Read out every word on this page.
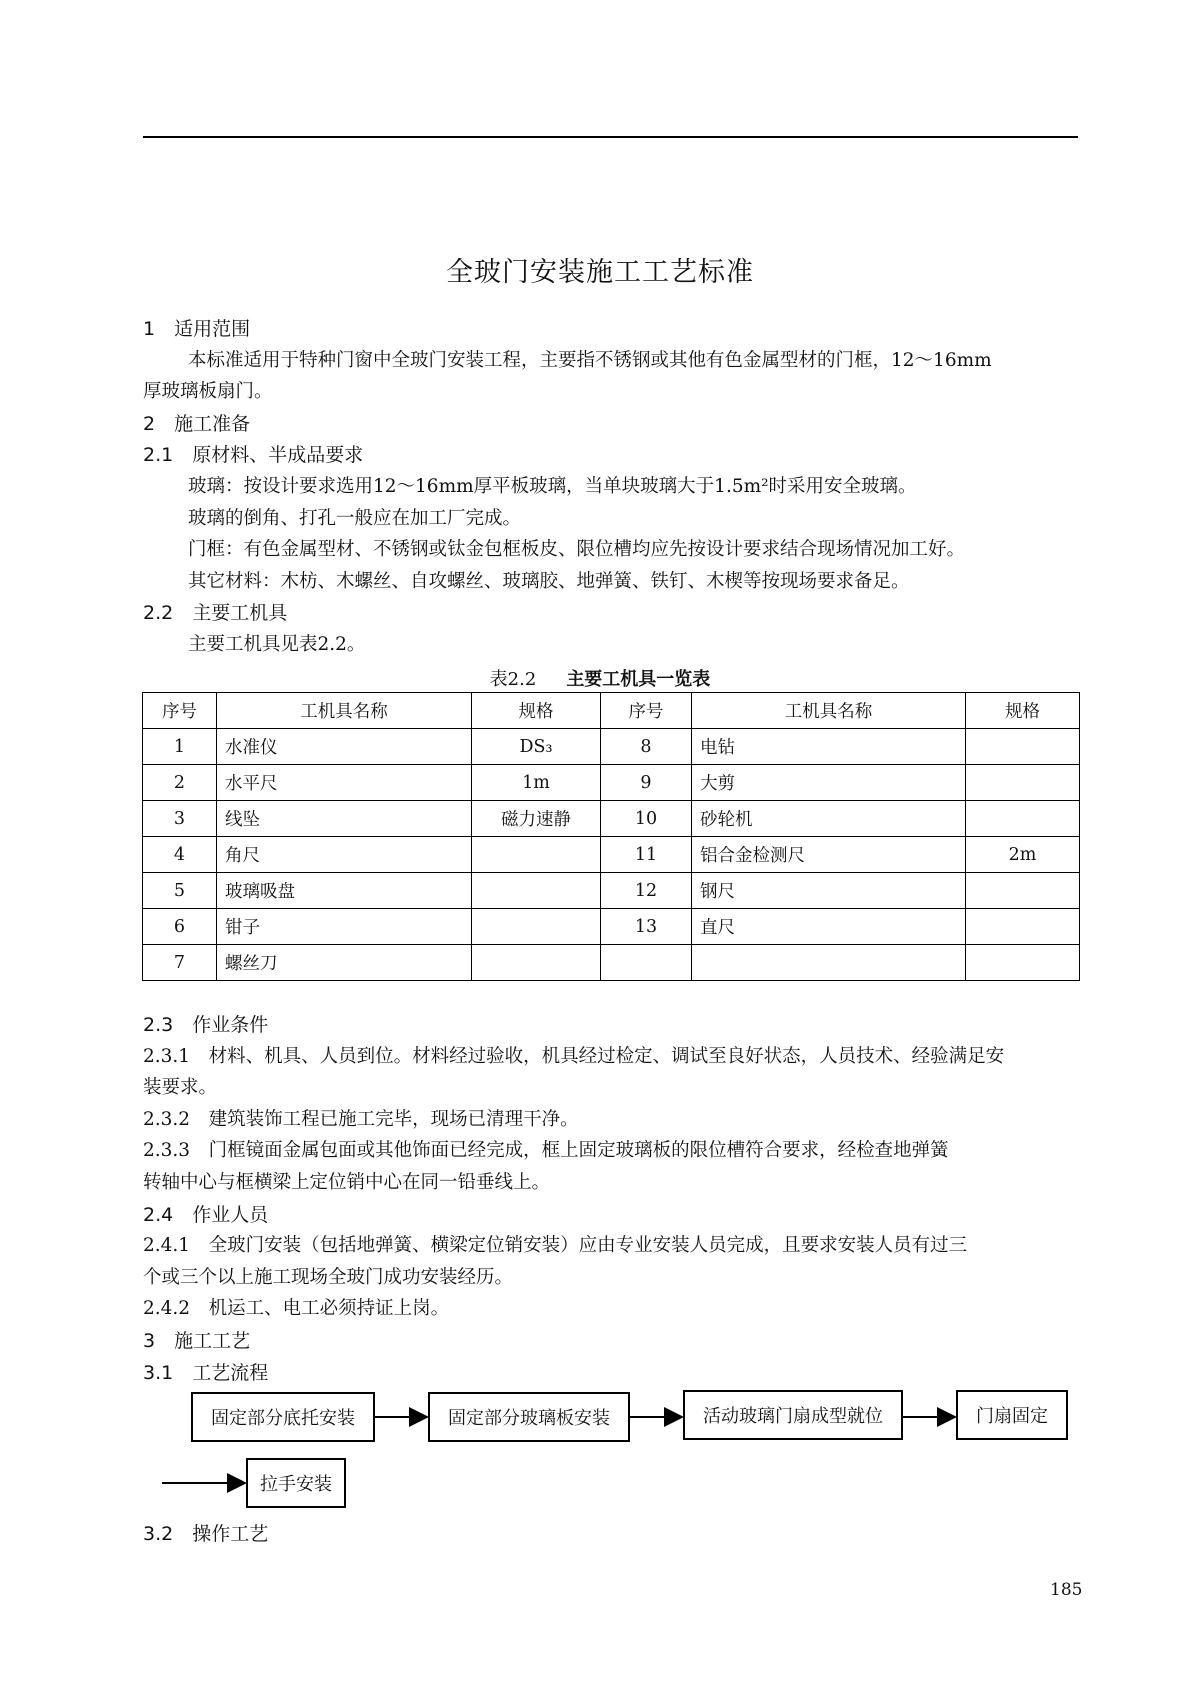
全玻门安装施工工艺标准
1　适用范围
本标准适用于特种门窗中全玻门安装工程，主要指不锈钢或其他有色金属型材的门框，12～16mm
厚玻璃板扇门。
2　施工准备
2.1　原材料、半成品要求
玻璃：按设计要求选用12～16mm厚平板玻璃，当单块玻璃大于1.5m²时采用安全玻璃。
玻璃的倒角、打孔一般应在加工厂完成。
门框：有色金属型材、不锈钢或钛金包框板皮、限位槽均应先按设计要求结合现场情况加工好。
其它材料：木枋、木螺丝、自攻螺丝、玻璃胶、地弹簧、铁钉、木楔等按现场要求备足。
2.2　主要工机具
主要工机具见表2.2。
表2.2 主要工机具一览表
序号	工机具名称	规格	序号	工机具名称	规格
1	水准仪	DS₃	8	电钻	
2	水平尺	1m	9	大剪	
3	线坠	磁力速静	10	砂轮机	
4	角尺		11	铝合金检测尺	2m
5	玻璃吸盘		12	钢尺	
6	钳子		13	直尺	
7	螺丝刀				
2.3　作业条件
2.3.1　材料、机具、人员到位。材料经过验收，机具经过检定、调试至良好状态，人员技术、经验满足安
装要求。
2.3.2　建筑装饰工程已施工完毕，现场已清理干净。
2.3.3　门框镜面金属包面或其他饰面已经完成，框上固定玻璃板的限位槽符合要求，经检查地弹簧
转轴中心与框横梁上定位销中心在同一铅垂线上。
2.4　作业人员
2.4.1　全玻门安装（包括地弹簧、横梁定位销安装）应由专业安装人员完成，且要求安装人员有过三
个或三个以上施工现场全玻门成功安装经历。
2.4.2　机运工、电工必须持证上岗。
3　施工工艺
3.1　工艺流程
固定部分底托安装	固定部分玻璃板安装	活动玻璃门扇成型就位	门扇固定
拉手安装
3.2　操作工艺
185
